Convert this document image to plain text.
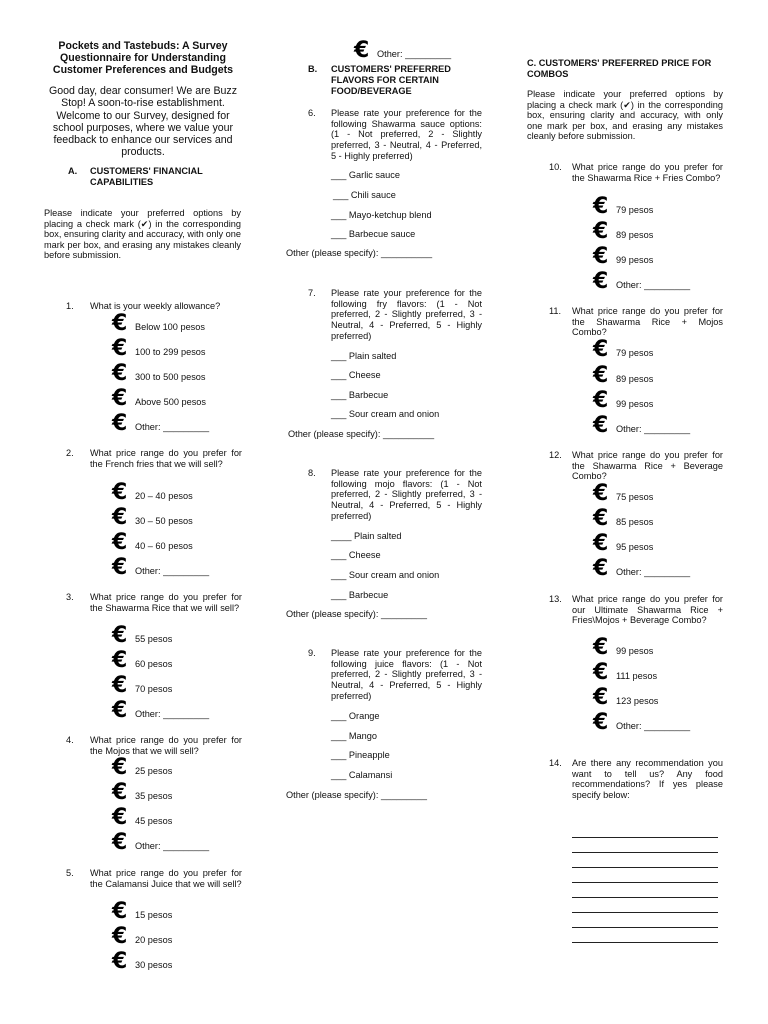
Pockets and Tastebuds: A Survey Questionnaire for Understanding Customer Preferences and Budgets
Good day, dear consumer! We are Buzz Stop! A soon-to-rise establishment. Welcome to our Survey, designed for school purposes, where we value your feedback to enhance our services and products.
A.	CUSTOMERS' FINANCIAL CAPABILITIES
Please indicate your preferred options by placing a check mark (✔) in the corresponding box, ensuring clarity and accuracy, with only one mark per box, and erasing any mistakes cleanly before submission.
1. What is your weekly allowance?
€ Below 100 pesos
€ 100 to 299 pesos
€ 300 to 500 pesos
€ Above 500 pesos
€ Other: _________
2. What price range do you prefer for the French fries that we will sell?
€ 20 – 40 pesos
€ 30 – 50 pesos
€ 40 – 60 pesos
€ Other: _________
3. What price range do you prefer for the Shawarma Rice that we will sell?
€ 55 pesos
€ 60 pesos
€ 70 pesos
€ Other: _________
4. What price range do you prefer for the Mojos that we will sell?
€ 25 pesos
€ 35 pesos
€ 45 pesos
€ Other: _________
5. What price range do you prefer for the Calamansi Juice that we will sell?
€ 15 pesos
€ 20 pesos
€ 30 pesos
€ Other: _________
B.	CUSTOMERS' PREFERRED FLAVORS FOR CERTAIN FOOD/BEVERAGE
6. Please rate your preference for the following Shawarma sauce options: (1 - Not preferred, 2 - Slightly preferred, 3 - Neutral, 4 - Preferred, 5 - Highly preferred)
___ Garlic sauce
___ Chili sauce
___ Mayo-ketchup blend
___ Barbecue sauce
Other (please specify): __________
7. Please rate your preference for the following fry flavors: (1 - Not preferred, 2 - Slightly preferred, 3 - Neutral, 4 - Preferred, 5 - Highly preferred)
___ Plain salted
___ Cheese
___ Barbecue
___ Sour cream and onion
Other (please specify): __________
8. Please rate your preference for the following mojo flavors: (1 - Not preferred, 2 - Slightly preferred, 3 - Neutral, 4 - Preferred, 5 - Highly preferred)
____ Plain salted
___ Cheese
___ Sour cream and onion
___ Barbecue
Other (please specify): _________
9. Please rate your preference for the following juice flavors: (1 - Not preferred, 2 - Slightly preferred, 3 - Neutral, 4 - Preferred, 5 - Highly preferred)
___ Orange
___ Mango
___ Pineapple
___ Calamansi
Other (please specify): _________
C. CUSTOMERS' PREFERRED PRICE FOR COMBOS
Please indicate your preferred options by placing a check mark (✔) in the corresponding box, ensuring clarity and accuracy, with only one mark per box, and erasing any mistakes cleanly before submission.
10. What price range do you prefer for the Shawarma Rice + Fries Combo?
€ 79 pesos
€ 89 pesos
€ 99 pesos
€ Other: _________
11. What price range do you prefer for the Shawarma Rice + Mojos Combo?
€ 79 pesos
€ 89 pesos
€ 99 pesos
€ Other: _________
12. What price range do you prefer for the Shawarma Rice + Beverage Combo?
€ 75 pesos
€ 85 pesos
€ 95 pesos
€ Other: _________
13. What price range do you prefer for our Ultimate Shawarma Rice + Fries\Mojos + Beverage Combo?
€ 99 pesos
€ 111 pesos
€ 123 pesos
€ Other: _________
14. Are there any recommendation you want to tell us? Any food recommendations? If yes please specify below:
